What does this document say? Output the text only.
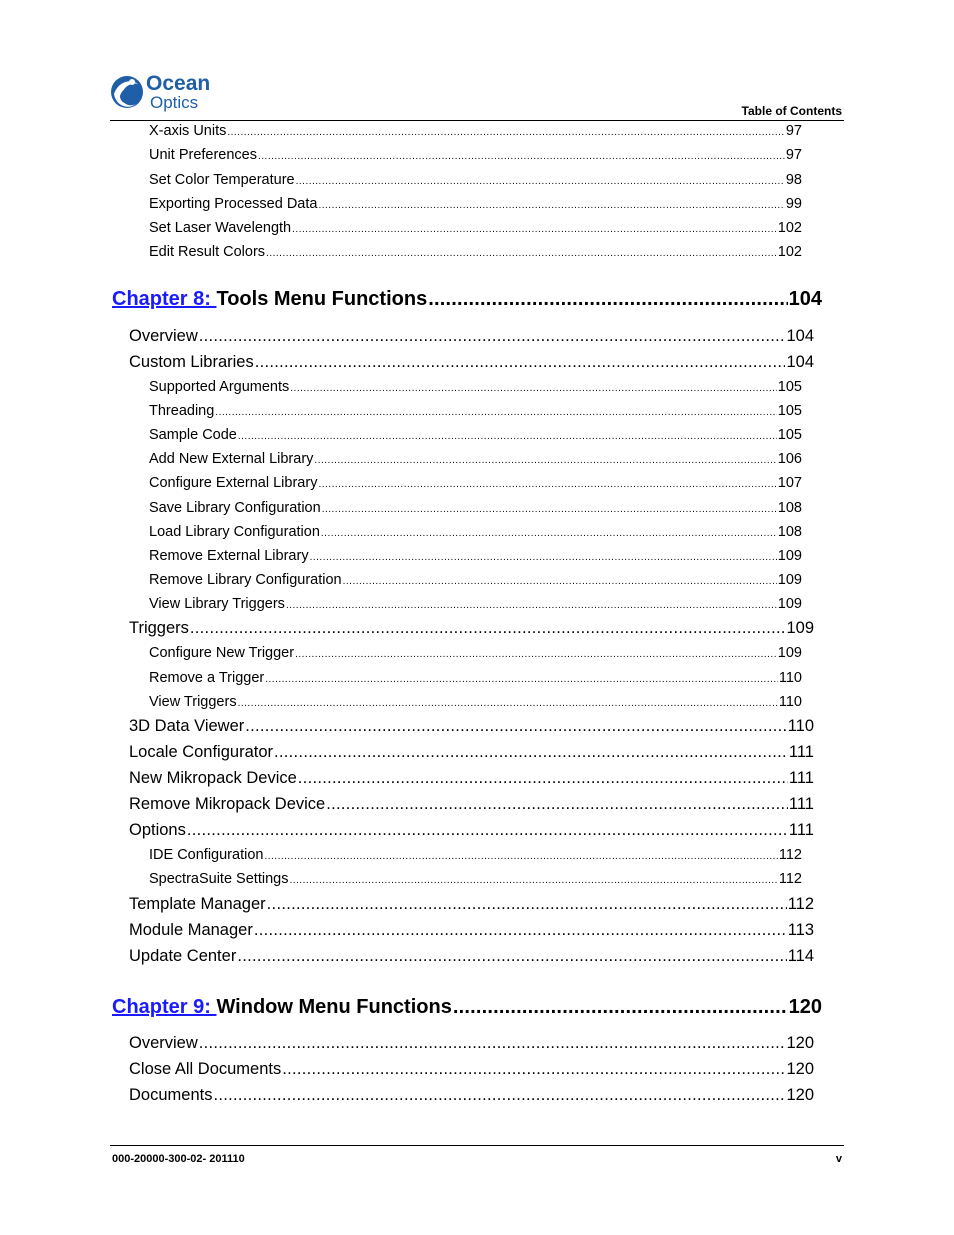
Ocean
Optics	Table of Contents
X-axis Units .....	97
Unit Preferences .....	97
Set Color Temperature .....	98
Exporting Processed Data .....	99
Set Laser Wavelength .....	102
Edit Result Colors .....	102
Chapter 8: Tools Menu Functions .....	104
Overview .....	104
Custom Libraries .....	104
Supported Arguments .....	105
Threading .....	105
Sample Code .....	105
Add New External Library .....	106
Configure External Library .....	107
Save Library Configuration .....	108
Load Library Configuration .....	108
Remove External Library .....	109
Remove Library Configuration .....	109
View Library Triggers .....	109
Triggers .....	109
Configure New Trigger .....	109
Remove a Trigger .....	110
View Triggers .....	110
3D Data Viewer .....	110
Locale Configurator .....	111
New Mikropack Device .....	111
Remove Mikropack Device .....	111
Options .....	111
IDE Configuration .....	112
SpectraSuite Settings .....	112
Template Manager .....	112
Module Manager .....	113
Update Center .....	114
Chapter 9: Window Menu Functions .....	120
Overview .....	120
Close All Documents .....	120
Documents .....	120
000-20000-300-02- 201110	v
